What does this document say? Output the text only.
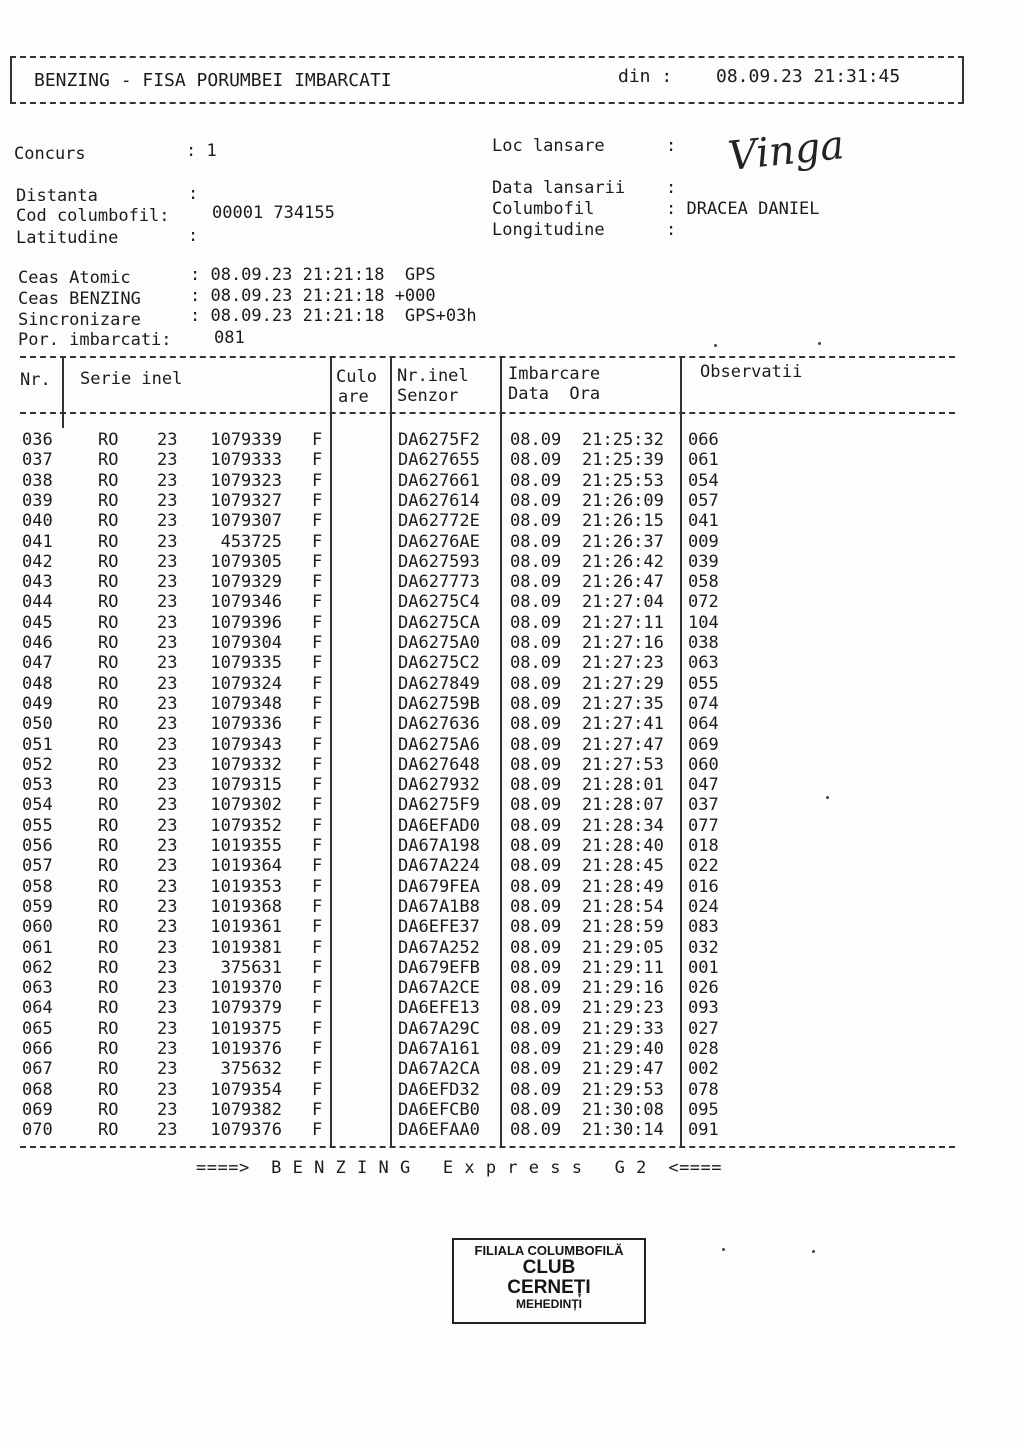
BENZING - FISA PORUMBEI IMBARCATI	din : 08.09.23 21:31:45
Concurs	: 1	Loc lansare	: Vinga
Distanta	:	Data lansarii :
Cod columbofil: 00001 734155	Columbofil	: DRACEA DANIEL
Latitudine	:	Longitudine	:
Ceas Atomic	: 08.09.23 21:21:18  GPS
Ceas BENZING	: 08.09.23 21:21:18 +000
Sincronizare	: 08.09.23 21:21:18  GPS+03h
Por. imbarcati: 081
Nr. Serie inel	Culo
are
Nr.inel
Senzor
Imbarcare
Data  Ora
Observatii
036	RO 23	1079339 F	DA6275F2 08.09 21:25:32 066
037	RO 23	1079333 F	DA627655 08.09 21:25:39 061
038	RO 23	1079323 F	DA627661 08.09 21:25:53 054
039	RO 23	1079327 F	DA627614 08.09 21:26:09 057
040	RO 23	1079307 F	DA62772E 08.09 21:26:15 041
041	RO 23	453725 F	DA6276AE 08.09 21:26:37 009
042	RO 23	1079305 F	DA627593 08.09 21:26:42 039
043	RO 23	1079329 F	DA627773 08.09 21:26:47 058
044	RO 23	1079346 F	DA6275C4 08.09 21:27:04 072
045	RO 23	1079396 F	DA6275CA 08.09 21:27:11 104
046	RO 23	1079304 F	DA6275A0 08.09 21:27:16 038
047	RO 23	1079335 F	DA6275C2 08.09 21:27:23 063
048	RO 23	1079324 F	DA627849 08.09 21:27:29 055
049	RO 23	1079348 F	DA62759B 08.09 21:27:35 074
050	RO 23	1079336 F	DA627636 08.09 21:27:41 064
051	RO 23	1079343 F	DA6275A6 08.09 21:27:47 069
052	RO 23	1079332 F	DA627648 08.09 21:27:53 060
053	RO 23	1079315 F	DA627932 08.09 21:28:01 047
054	RO 23	1079302 F	DA6275F9 08.09 21:28:07 037
055	RO 23	1079352 F	DA6EFAD0 08.09 21:28:34 077
056	RO 23	1019355 F	DA67A198 08.09 21:28:40 018
057	RO 23	1019364 F	DA67A224 08.09 21:28:45 022
058	RO 23	1019353 F	DA679FEA 08.09 21:28:49 016
059	RO 23	1019368 F	DA67A1B8 08.09 21:28:54 024
060	RO 23	1019361 F	DA6EFE37 08.09 21:28:59 083
061	RO 23	1019381 F	DA67A252 08.09 21:29:05 032
062	RO 23	375631 F	DA679EFB 08.09 21:29:11 001
063	RO 23	1019370 F	DA67A2CE 08.09 21:29:16 026
064	RO 23	1079379 F	DA6EFE13 08.09 21:29:23 093
065	RO 23	1019375 F	DA67A29C 08.09 21:29:33 027
066	RO 23	1019376 F	DA67A161 08.09 21:29:40 028
067	RO 23	375632 F	DA67A2CA 08.09 21:29:47 002
068	RO 23	1079354 F	DA6EFD32 08.09 21:29:53 078
069	RO 23	1079382 F	DA6EFCB0 08.09 21:30:08 095
070	RO 23	1079376 F	DA6EFAA0 08.09 21:30:14 091
====>  B E N Z I N G   E x p r e s s   G 2  <====
FILIALA COLUMBOFILĂ
CLUB
CERNEȚI
MEHEDINȚI
